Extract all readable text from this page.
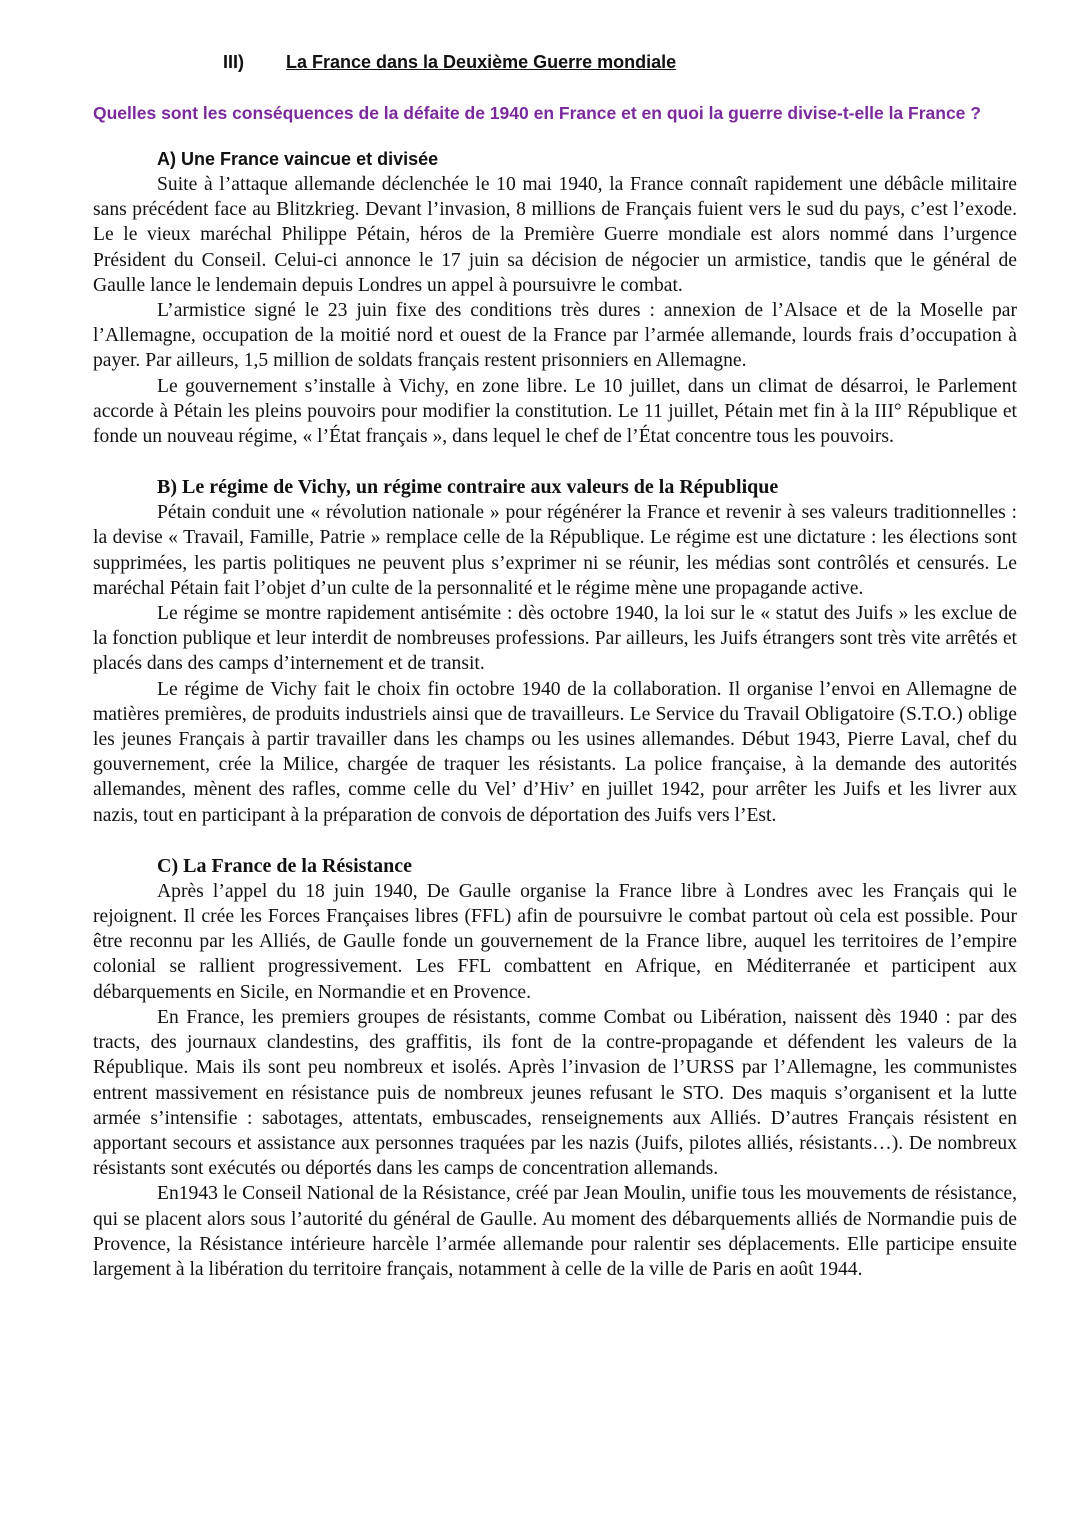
III) La France dans la Deuxième Guerre mondiale

Quelles sont les conséquences de la défaite de 1940 en France et en quoi la guerre divise-t-elle la France ?

A) Une France vaincue et divisée

Suite à l’attaque allemande déclenchée le 10 mai 1940, la France connaît rapidement une débâcle militaire sans précédent face au Blitzkrieg. Devant l’invasion, 8 millions de Français fuient vers le sud du pays, c’est l’exode. Le le vieux maréchal Philippe Pétain, héros de la Première Guerre mondiale est alors nommé dans l’urgence Président du Conseil. Celui-ci annonce le 17 juin sa décision de négocier un armistice, tandis que le général de Gaulle lance le lendemain depuis Londres un appel à poursuivre le combat.

L’armistice signé le 23 juin fixe des conditions très dures : annexion de l’Alsace et de la Moselle par l’Allemagne, occupation de la moitié nord et ouest de la France par l’armée allemande, lourds frais d’occupation à payer. Par ailleurs, 1,5 million de soldats français restent prisonniers en Allemagne.

Le gouvernement s’installe à Vichy, en zone libre. Le 10 juillet, dans un climat de désarroi, le Parlement accorde à Pétain les pleins pouvoirs pour modifier la constitution. Le 11 juillet, Pétain met fin à la III° République et fonde un nouveau régime, « l’État français », dans lequel le chef de l’État concentre tous les pouvoirs.

B) Le régime de Vichy, un régime contraire aux valeurs de la République

Pétain conduit une « révolution nationale » pour régénérer la France et revenir à ses valeurs traditionnelles : la devise « Travail, Famille, Patrie » remplace celle de la République. Le régime est une dictature : les élections sont supprimées, les partis politiques ne peuvent plus s’exprimer ni se réunir, les médias sont contrôlés et censurés. Le maréchal Pétain fait l’objet d’un culte de la personnalité et le régime mène une propagande active.

Le régime se montre rapidement antisémite : dès octobre 1940, la loi sur le « statut des Juifs » les exclue de la fonction publique et leur interdit de nombreuses professions. Par ailleurs, les Juifs étrangers sont très vite arrêtés et placés dans des camps d’internement et de transit.

Le régime de Vichy fait le choix fin octobre 1940 de la collaboration. Il organise l’envoi en Allemagne de matières premières, de produits industriels ainsi que de travailleurs. Le Service du Travail Obligatoire (S.T.O.) oblige les jeunes Français à partir travailler dans les champs ou les usines allemandes. Début 1943, Pierre Laval, chef du gouvernement, crée la Milice, chargée de traquer les résistants. La police française, à la demande des autorités allemandes, mènent des rafles, comme celle du Vel’ d’Hiv’ en juillet 1942, pour arrêter les Juifs et les livrer aux nazis, tout en participant à la préparation de convois de déportation des Juifs vers l’Est.

C) La France de la Résistance

Après l’appel du 18 juin 1940, De Gaulle organise la France libre à Londres avec les Français qui le rejoignent. Il crée les Forces Françaises libres (FFL) afin de poursuivre le combat partout où cela est possible. Pour être reconnu par les Alliés, de Gaulle fonde un gouvernement de la France libre, auquel les territoires de l’empire colonial se rallient progressivement. Les FFL combattent en Afrique, en Méditerranée et participent aux débarquements en Sicile, en Normandie et en Provence.

En France, les premiers groupes de résistants, comme Combat ou Libération, naissent dès 1940 : par des tracts, des journaux clandestins, des graffitis, ils font de la contre-propagande et défendent les valeurs de la République. Mais ils sont peu nombreux et isolés. Après l’invasion de l’URSS par l’Allemagne, les communistes entrent massivement en résistance puis de nombreux jeunes refusant le STO. Des maquis s’organisent et la lutte armée s’intensifie : sabotages, attentats, embuscades, renseignements aux Alliés. D’autres Français résistent en apportant secours et assistance aux personnes traquées par les nazis (Juifs, pilotes alliés, résistants…). De nombreux résistants sont exécutés ou déportés dans les camps de concentration allemands.

En1943 le Conseil National de la Résistance, créé par Jean Moulin, unifie tous les mouvements de résistance, qui se placent alors sous l’autorité du général de Gaulle. Au moment des débarquements alliés de Normandie puis de Provence, la Résistance intérieure harcèle l’armée allemande pour ralentir ses déplacements. Elle participe ensuite largement à la libération du territoire français, notamment à celle de la ville de Paris en août 1944.
